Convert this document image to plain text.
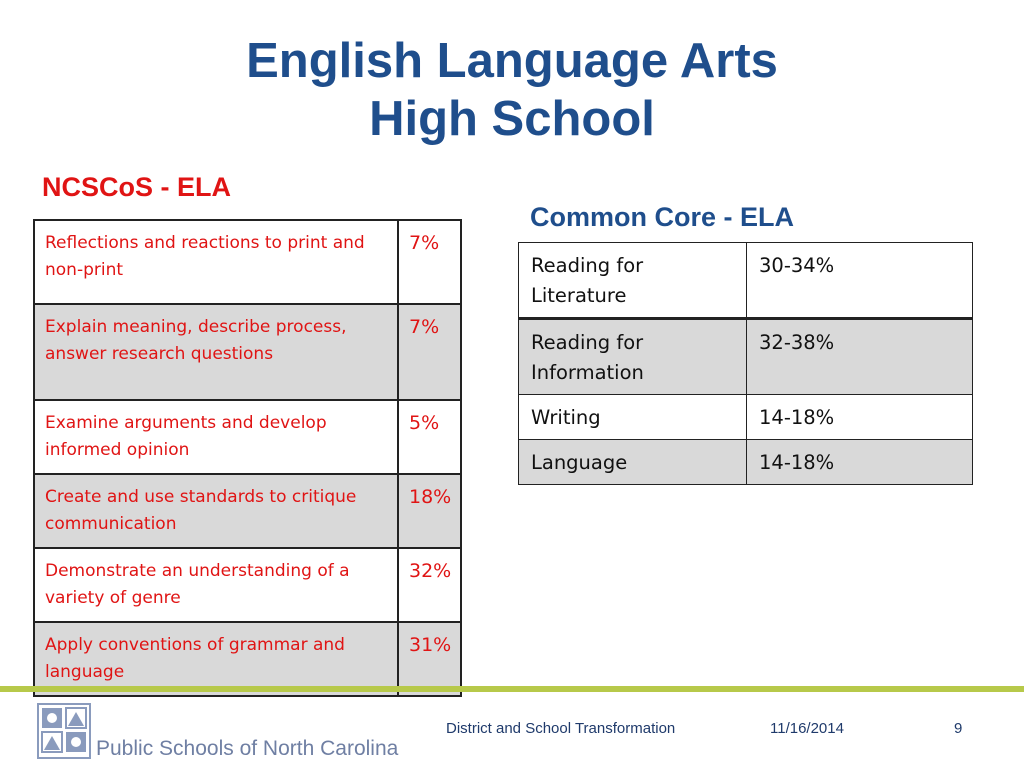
English Language Arts
High School
NCSCoS - ELA
Common Core - ELA
Reflections and reactions to print and non-print	7%
Explain meaning, describe process, answer research questions	7%
Examine arguments and develop informed opinion	5%
Create and use standards to critique communication	18%
Demonstrate an understanding of a variety of genre	32%
Apply conventions of grammar and language	31%
Reading for Literature	30-34%
Reading for Information	32-38%
Writing	14-18%
Language	14-18%
Public Schools of North Carolina
District and School Transformation	11/16/2014	9
